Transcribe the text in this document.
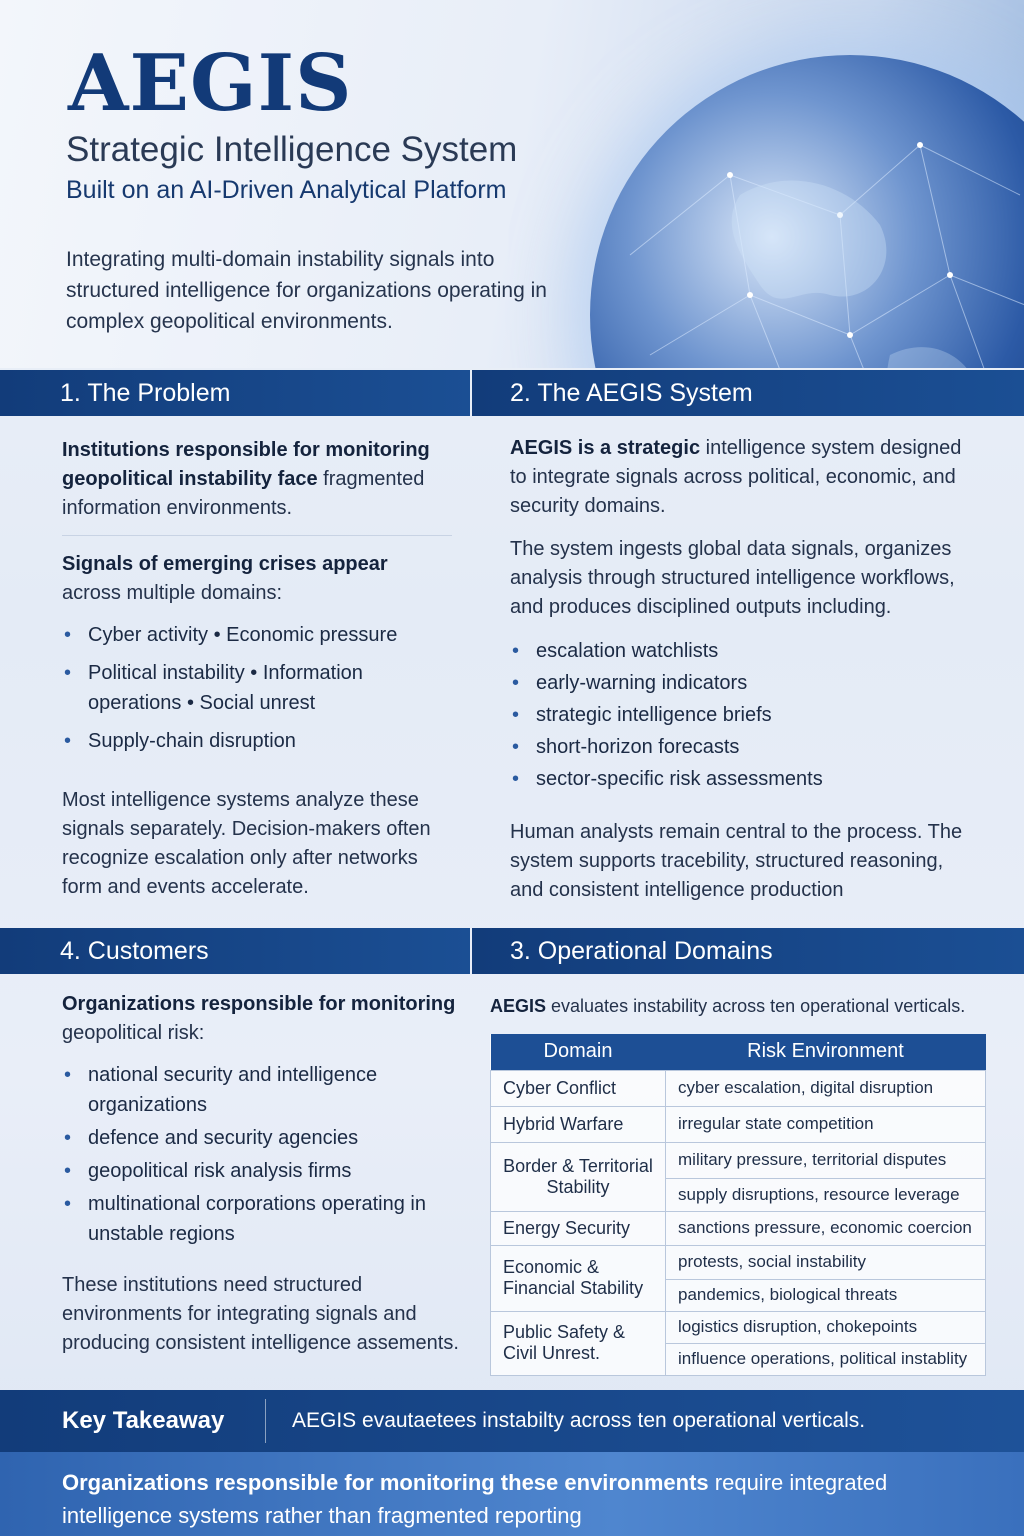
AEGIS
Strategic Intelligence System
Built on an AI-Driven Analytical Platform
Integrating multi-domain instability signals into structured intelligence for organizations operating in complex geopolitical environments.
1. The Problem	2. The AEGIS System

Institutions responsible for monitoring geopolitical instability face fragmented information environments.

Signals of emerging crises appear across multiple domains:

• Cyber activity • Economic pressure
• Political instability • Information operations • Social unrest
• Supply-chain disruption

Most intelligence systems analyze these signals separately. Decision-makers often recognize escalation only after networks form and events accelerate.

AEGIS is a strategic intelligence system designed to integrate signals across political, economic, and security domains.

The system ingests global data signals, organizes analysis through structured intelligence workflows, and produces disciplined outputs including.

• escalation watchlists
• early-warning indicators
• strategic intelligence briefs
• short-horizon forecasts
• sector-specific risk assessments

Human analysts remain central to the process. The system supports tracebility, structured reasoning, and consistent intelligence production

4. Customers	3. Operational Domains

Organizations responsible for monitoring geopolitical risk:

• national security and intelligence organizations
• defence and security agencies
• geopolitical risk analysis firms
• multinational corporations operating in unstable regions

These institutions need structured environments for integrating signals and producing consistent intelligence assements.

AEGIS evaluates instability across ten operational verticals.

Domain	Risk Environment
Cyber Conflict	cyber escalation, digital disruption
Hybrid Warfare	irregular state competition
Border & Territorial Stability	military pressure, territorial disputes
	supply disruptions, resource leverage
Energy Security	sanctions pressure, economic coercion
Economic & Financial Stability	protests, social instability
	pandemics, biological threats
Public Safety & Civil Unrest.	logistics disruption, chokepoints
	influence operations, political instablity
Key Takeaway	AEGIS evautaetees instabilty across ten operational verticals.
Organizations responsible for monitoring these environments require integrated intelligence systems rather than fragmented reporting
